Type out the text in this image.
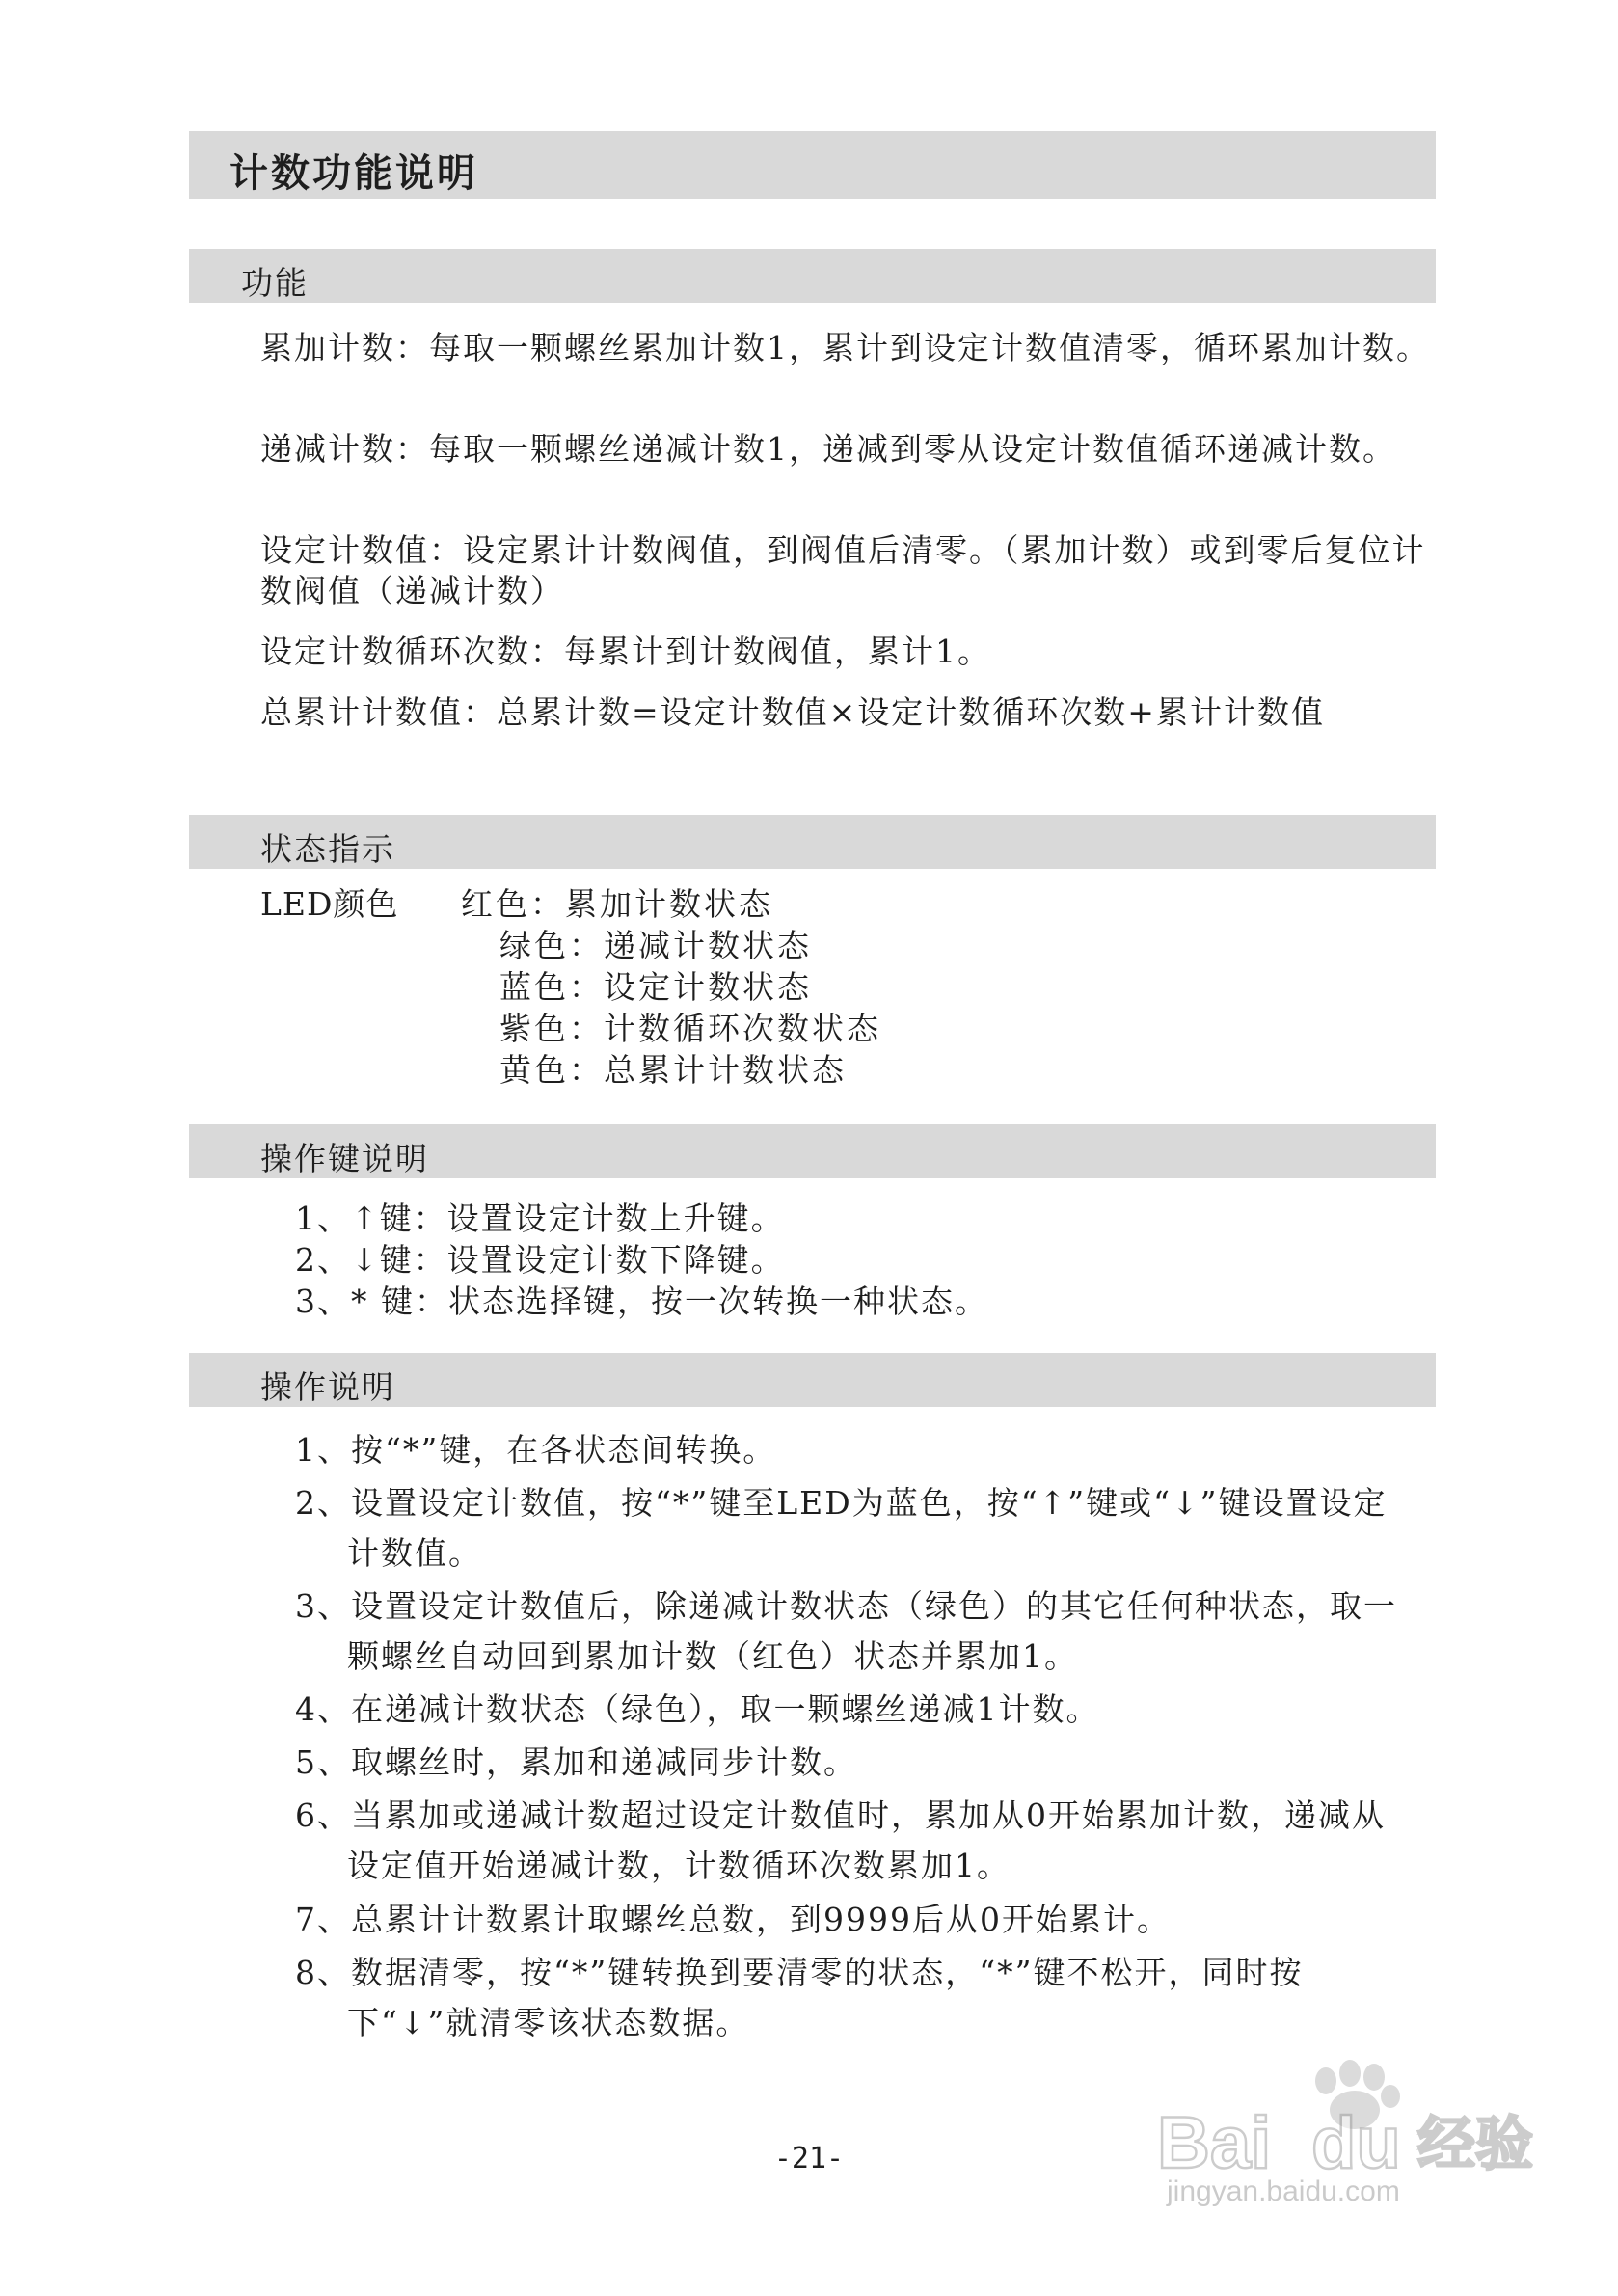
计数功能说明
功能

累加计数：每取一颗螺丝累加计数1，累计到设定计数值清零，循环累加计数。

递减计数：每取一颗螺丝递减计数1，递减到零从设定计数值循环递减计数。

设定计数值：设定累计计数阀值，到阀值后清零。（累加计数）或到零后复位计数阀值（递减计数）

设定计数循环次数：每累计到计数阀值，累计1。

总累计计数值：总累计数=设定计数值×设定计数循环次数+累计计数值

状态指示
LED颜色 红色：累加计数状态
绿色：递减计数状态
蓝色：设定计数状态
紫色：计数循环次数状态
黄色：总累计计数状态
操作键说明
1、↑键：设置设定计数上升键。
2、↓键：设置设定计数下降键。
3、* 键：状态选择键，按一次转换一种状态。
操作说明
1、按“*”键，在各状态间转换。
2、设置设定计数值，按“*”键至LED为蓝色，按“↑”键或“↓”键设置设定计数值。
3、设置设定计数值后，除递减计数状态（绿色）的其它任何种状态，取一颗螺丝自动回到累加计数（红色）状态并累加1。
4、在递减计数状态（绿色），取一颗螺丝递减1计数。
5、取螺丝时，累加和递减同步计数。
6、当累加或递减计数超过设定计数值时，累加从0开始累加计数，递减从设定值开始递减计数，计数循环次数累加1。
7、总累计计数累计取螺丝总数，到9999后从0开始累计。
8、数据清零，按“*”键转换到要清零的状态，“*”键不松开，同时按下“↓”就清零该状态数据。
-21-	Bai du 经验
jingyan.baidu.com
